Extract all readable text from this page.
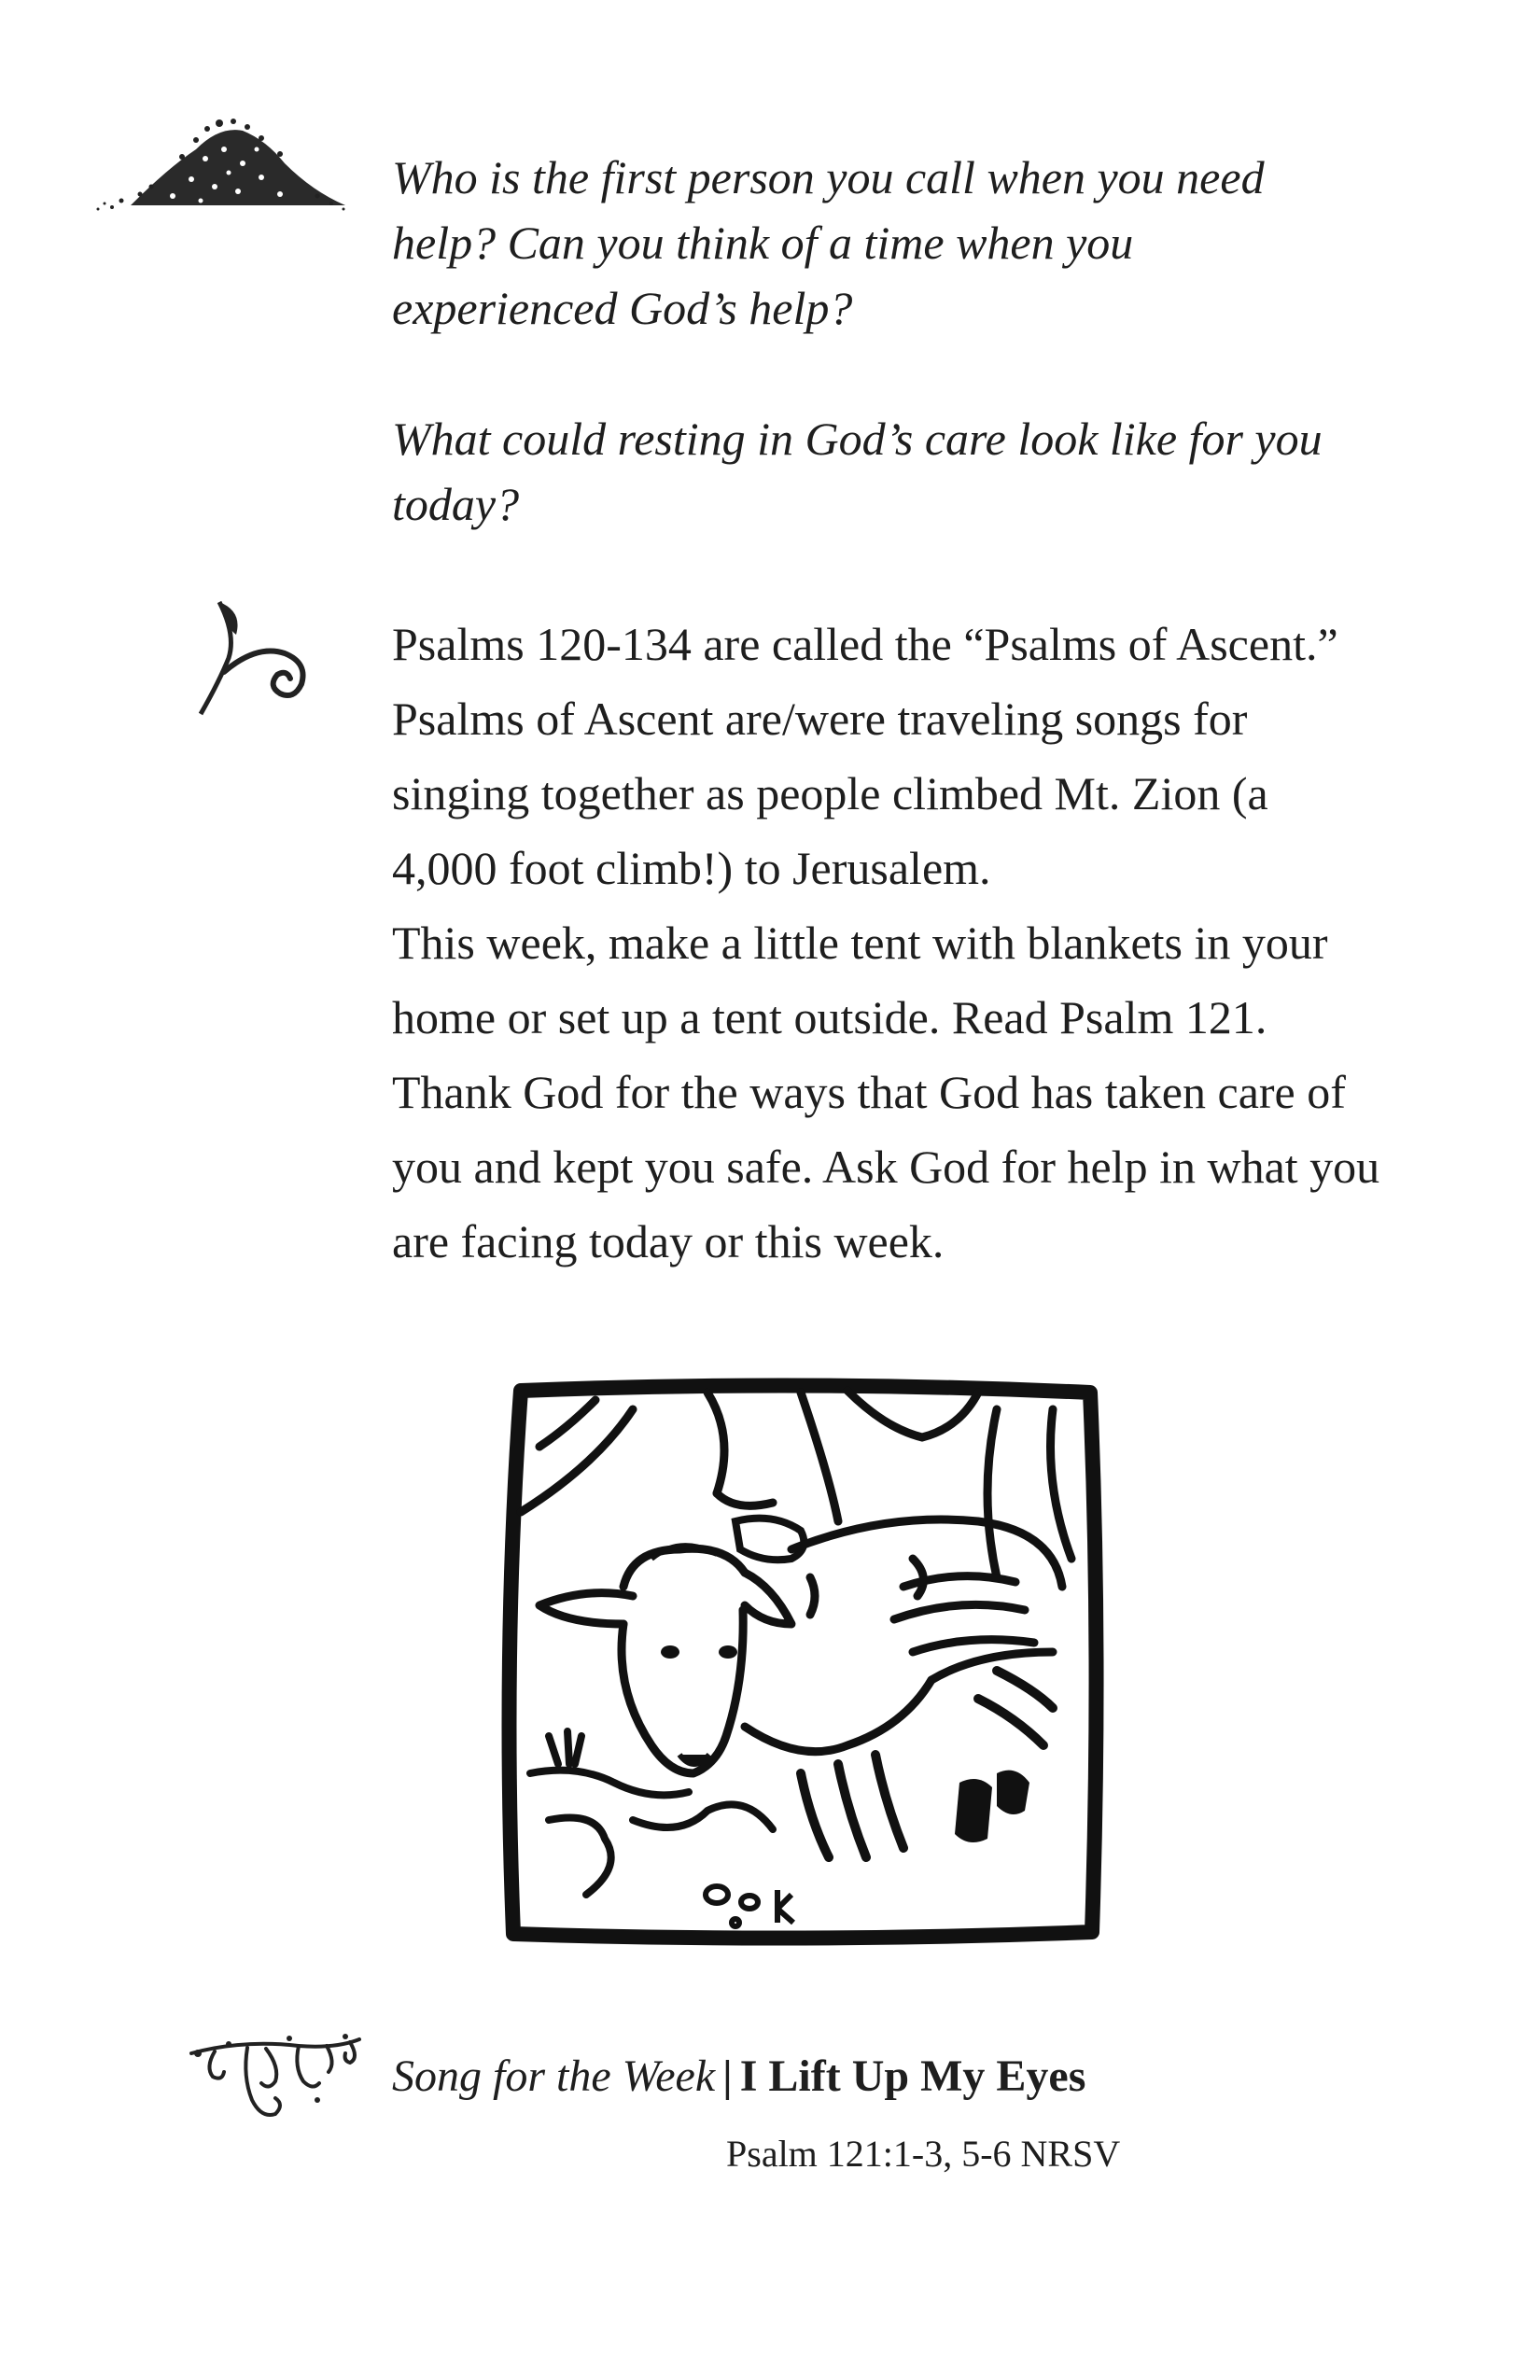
Who is the first person you call when you need help? Can you think of a time when you experienced God’s help?

What could resting in God’s care look like for you today?

Psalms 120-134 are called the “Psalms of Ascent.” Psalms of Ascent are/were traveling songs for singing together as people climbed Mt. Zion (a 4,000 foot climb!) to Jerusalem.

This week, make a little tent with blankets in your home or set up a tent outside. Read Psalm 121. Thank God for the ways that God has taken care of you and kept you safe. Ask God for help in what you are facing today or this week.

Song for the Week | I Lift Up My Eyes
Psalm 121:1-3, 5-6 NRSV
